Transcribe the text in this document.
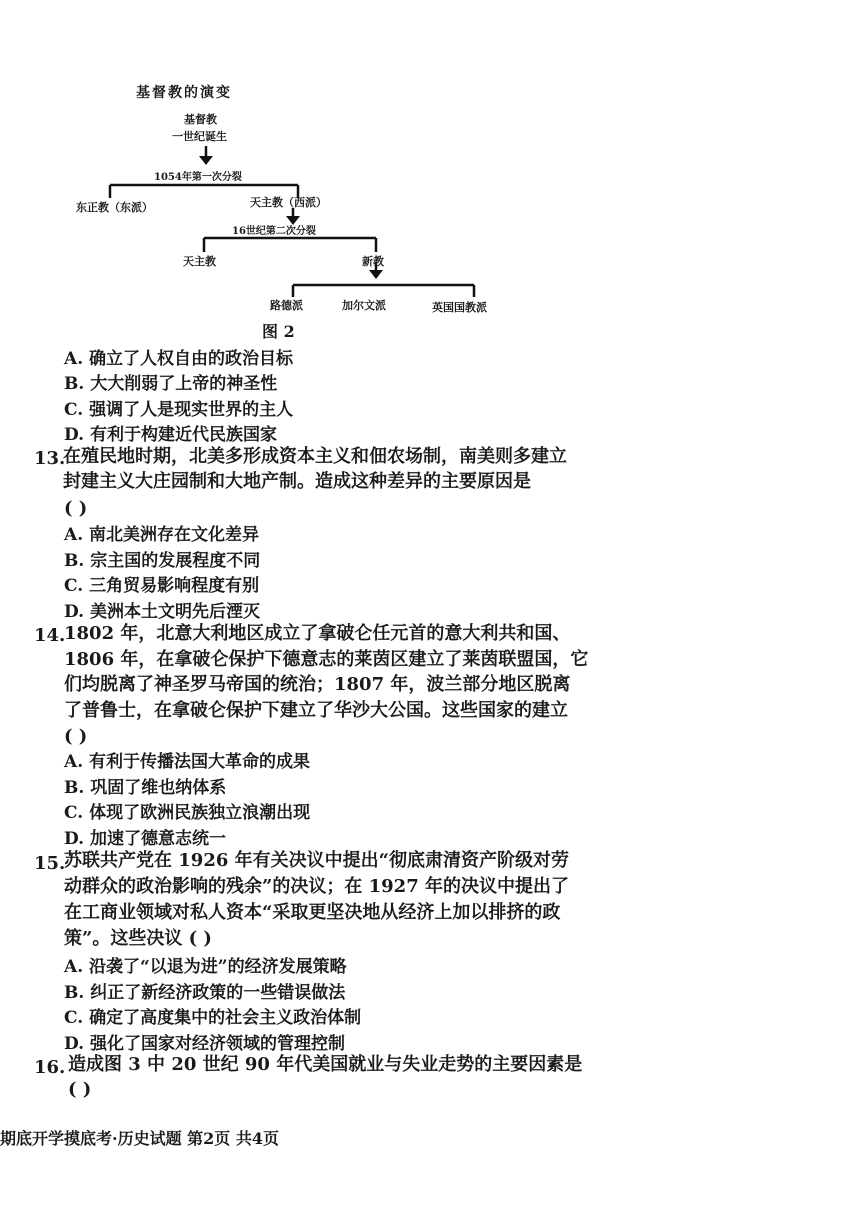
基督教的演变
基督教
一世纪诞生
1054年第一次分裂
东正教（东派）	天主教（西派）
16世纪第二次分裂
天主教	新教
路德派	加尔文派	英国国教派
图 2
A. 确立了人权自由的政治目标
B. 大大削弱了上帝的神圣性
C. 强调了人是现实世界的主人
D. 有利于构建近代民族国家
13.
在殖民地时期，北美多形成资本主义和佃农场制，南美则多建立
封建主义大庄园制和大地产制。造成这种差异的主要原因是
( )
A. 南北美洲存在文化差异
B. 宗主国的发展程度不同
C. 三角贸易影响程度有别
D. 美洲本土文明先后湮灭
14.
1802 年，北意大利地区成立了拿破仑任元首的意大利共和国、
1806 年，在拿破仑保护下德意志的莱茵区建立了莱茵联盟国，它
们均脱离了神圣罗马帝国的统治；1807 年，波兰部分地区脱离
了普鲁士，在拿破仑保护下建立了华沙大公国。这些国家的建立
( )
A. 有利于传播法国大革命的成果
B. 巩固了维也纳体系
C. 体现了欧洲民族独立浪潮出现
D. 加速了德意志统一
15.
苏联共产党在 1926 年有关决议中提出“彻底肃清资产阶级对劳
动群众的政治影响的残余”的决议；在 1927 年的决议中提出了
在工商业领域对私人资本“采取更坚决地从经济上加以排挤的政
策”。这些决议 ( )
A. 沿袭了“以退为进”的经济发展策略
B. 纠正了新经济政策的一些错误做法
C. 确定了高度集中的社会主义政治体制
D. 强化了国家对经济领域的管理控制
16. 造成图 3 中 20 世纪 90 年代美国就业与失业走势的主要因素是
( )
期底开学摸底考·历史试题 第2页 共4页
